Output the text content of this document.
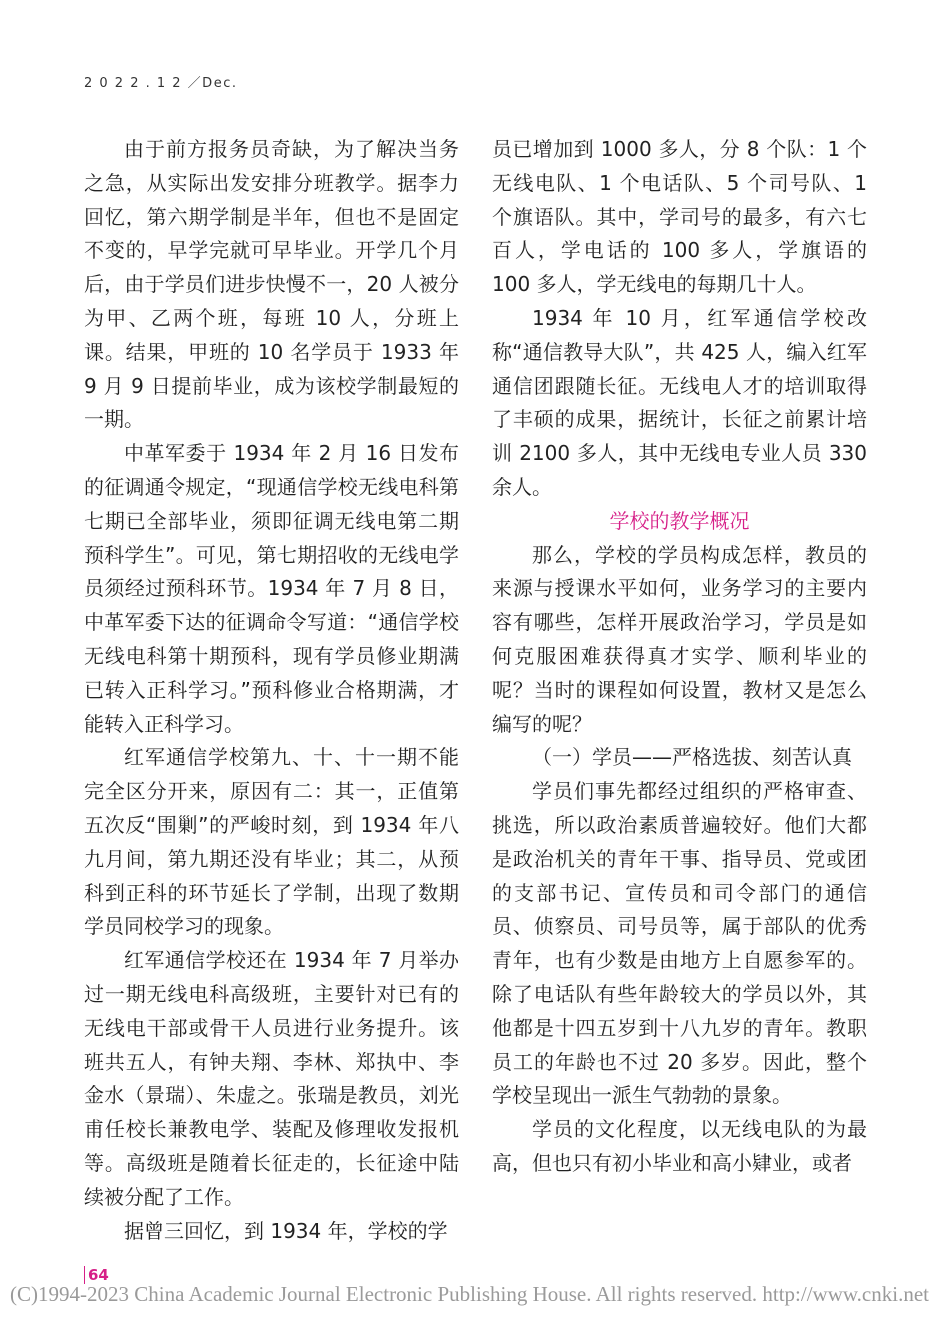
2 0 2 2 . 1 2 ／Dec.

由于前方报务员奇缺，为了解决当务之急，从实际出发安排分班教学。据李力回忆，第六期学制是半年，但也不是固定不变的，早学完就可早毕业。开学几个月后，由于学员们进步快慢不一，20 人被分为甲、乙两个班，每班 10 人，分班上课。结果，甲班的 10 名学员于 1933 年 9 月 9 日提前毕业，成为该校学制最短的一期。

中革军委于 1934 年 2 月 16 日发布的征调通令规定，“现通信学校无线电科第七期已全部毕业，须即征调无线电第二期预科学生”。可见，第七期招收的无线电学员须经过预科环节。1934 年 7 月 8 日，中革军委下达的征调命令写道：“通信学校无线电科第十期预科，现有学员修业期满已转入正科学习。”预科修业合格期满，才能转入正科学习。

红军通信学校第九、十、十一期不能完全区分开来，原因有二：其一，正值第五次反“围剿”的严峻时刻，到 1934 年八九月间，第九期还没有毕业；其二，从预科到正科的环节延长了学制，出现了数期学员同校学习的现象。

红军通信学校还在 1934 年 7 月举办过一期无线电科高级班，主要针对已有的无线电干部或骨干人员进行业务提升。该班共五人，有钟夫翔、李林、郑执中、李金水（景瑞）、朱虚之。张瑞是教员，刘光甫任校长兼教电学、装配及修理收发报机等。高级班是随着长征走的，长征途中陆续被分配了工作。

据曾三回忆，到 1934 年，学校的学

员已增加到 1000 多人，分 8 个队：1 个无线电队、1 个电话队、5 个司号队、1 个旗语队。其中，学司号的最多，有六七百人，学电话的 100 多人，学旗语的 100 多人，学无线电的每期几十人。

1934 年 10 月，红军通信学校改称“通信教导大队”，共 425 人，编入红军通信团跟随长征。无线电人才的培训取得了丰硕的成果，据统计，长征之前累计培训 2100 多人，其中无线电专业人员 330 余人。

学校的教学概况

那么，学校的学员构成怎样，教员的来源与授课水平如何，业务学习的主要内容有哪些，怎样开展政治学习，学员是如何克服困难获得真才实学、顺利毕业的呢？当时的课程如何设置，教材又是怎么编写的呢？

（一）学员——严格选拔、刻苦认真

学员们事先都经过组织的严格审查、挑选，所以政治素质普遍较好。他们大都是政治机关的青年干事、指导员、党或团的支部书记、宣传员和司令部门的通信员、侦察员、司号员等，属于部队的优秀青年，也有少数是由地方上自愿参军的。除了电话队有些年龄较大的学员以外，其他都是十四五岁到十八九岁的青年。教职员工的年龄也不过 20 多岁。因此，整个学校呈现出一派生气勃勃的景象。

学员的文化程度，以无线电队的为最高，但也只有初小毕业和高小肄业，或者

64
(C)1994-2023 China Academic Journal Electronic Publishing House. All rights reserved. http://www.cnki.net
